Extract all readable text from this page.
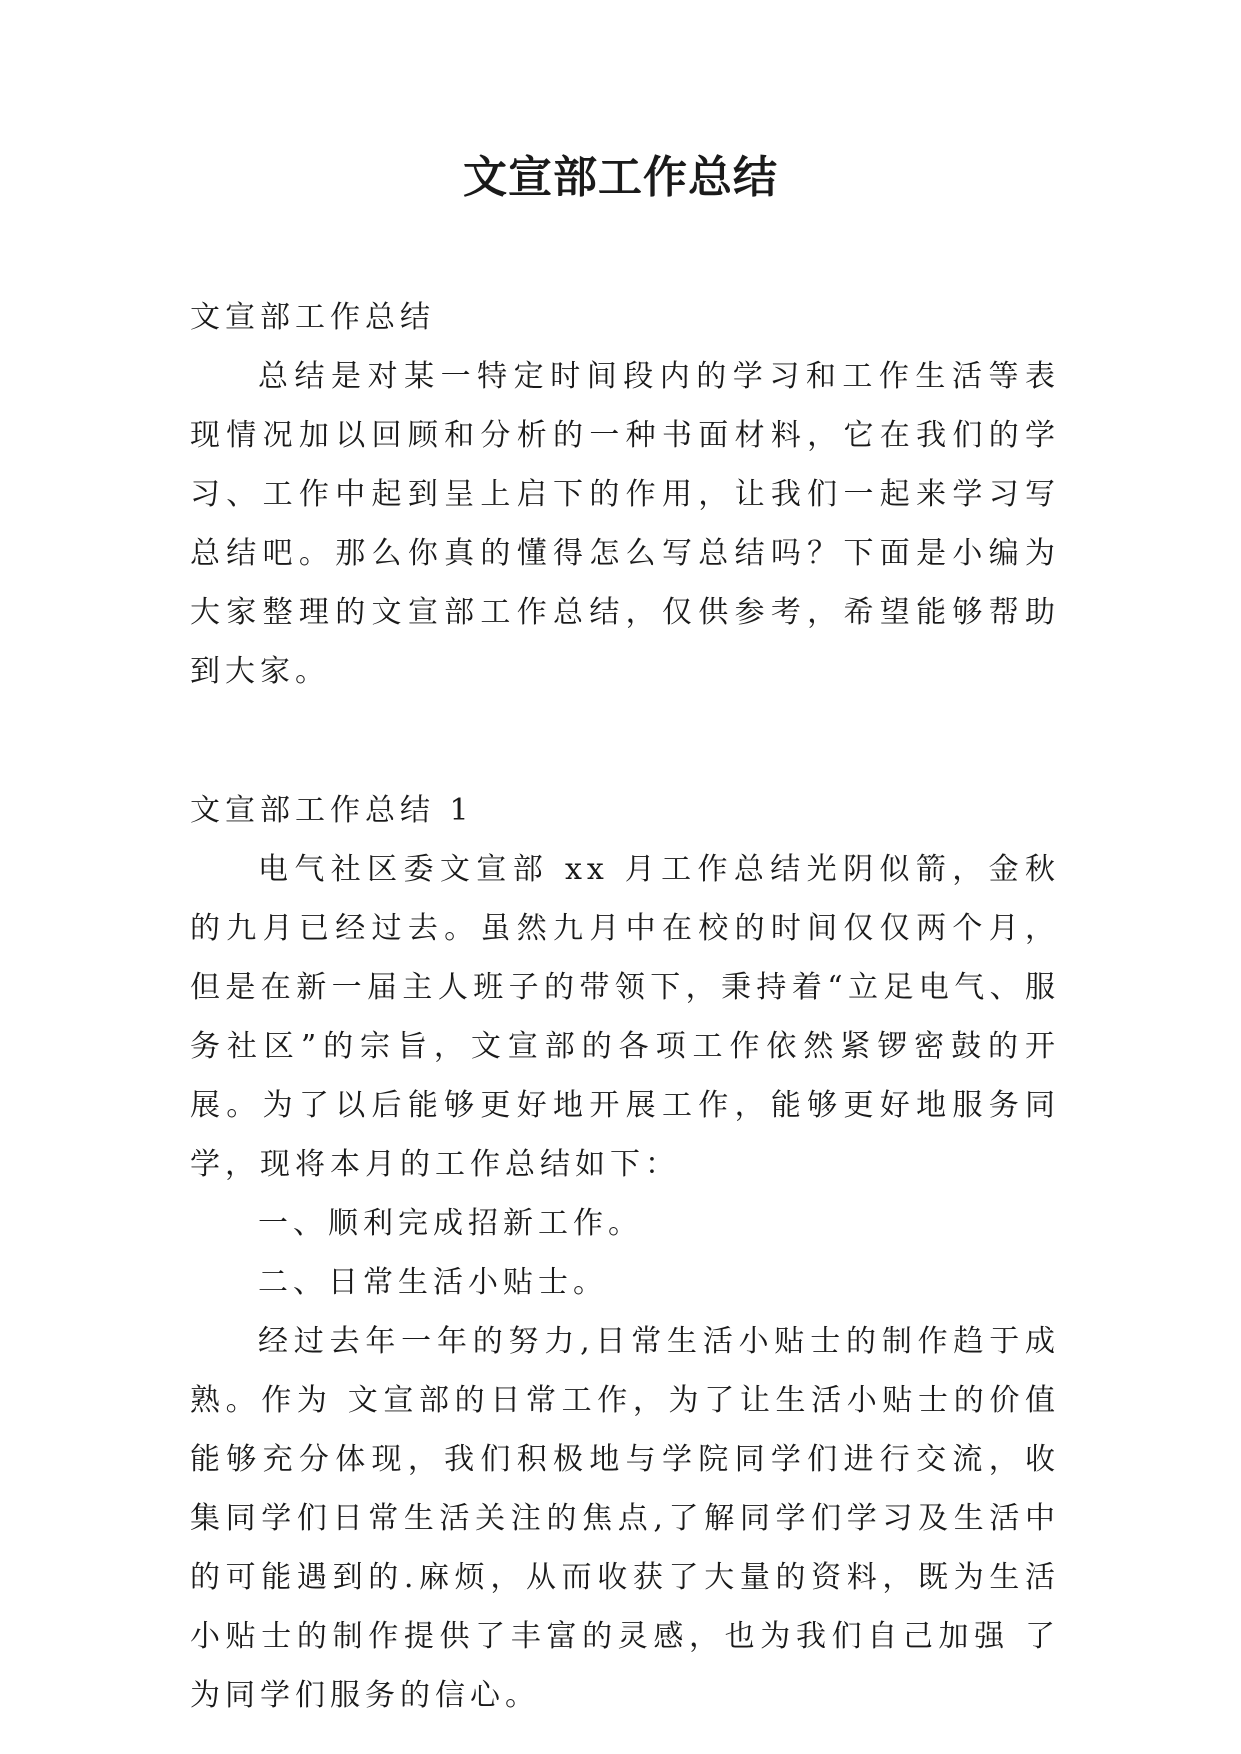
文宣部工作总结

文宣部工作总结

总结是对某一特定时间段内的学习和工作生活等表现情况加以回顾和分析的一种书面材料，它在我们的学习、工作中起到呈上启下的作用，让我们一起来学习写总结吧。那么你真的懂得怎么写总结吗？下面是小编为大家整理的文宣部工作总结，仅供参考，希望能够帮助到大家。

文宣部工作总结 1

电气社区委文宣部 xx 月工作总结光阴似箭，金秋的九月已经过去。虽然九月中在校的时间仅仅两个月，但是在新一届主人班子的带领下，秉持着“立足电气、服务社区”的宗旨，文宣部的各项工作依然紧锣密鼓的开展。为了以后能够更好地开展工作，能够更好地服务同学，现将本月的工作总结如下：

一、顺利完成招新工作。

二、日常生活小贴士。

经过去年一年的努力,日常生活小贴士的制作趋于成熟。作为 文宣部的日常工作，为了让生活小贴士的价值能够充分体现，我们积极地与学院同学们进行交流，收集同学们日常生活关注的焦点,了解同学们学习及生活中的可能遇到的.麻烦，从而收获了大量的资料，既为生活小贴士的制作提供了丰富的灵感，也为我们自己加强 了为同学们服务的信心。
